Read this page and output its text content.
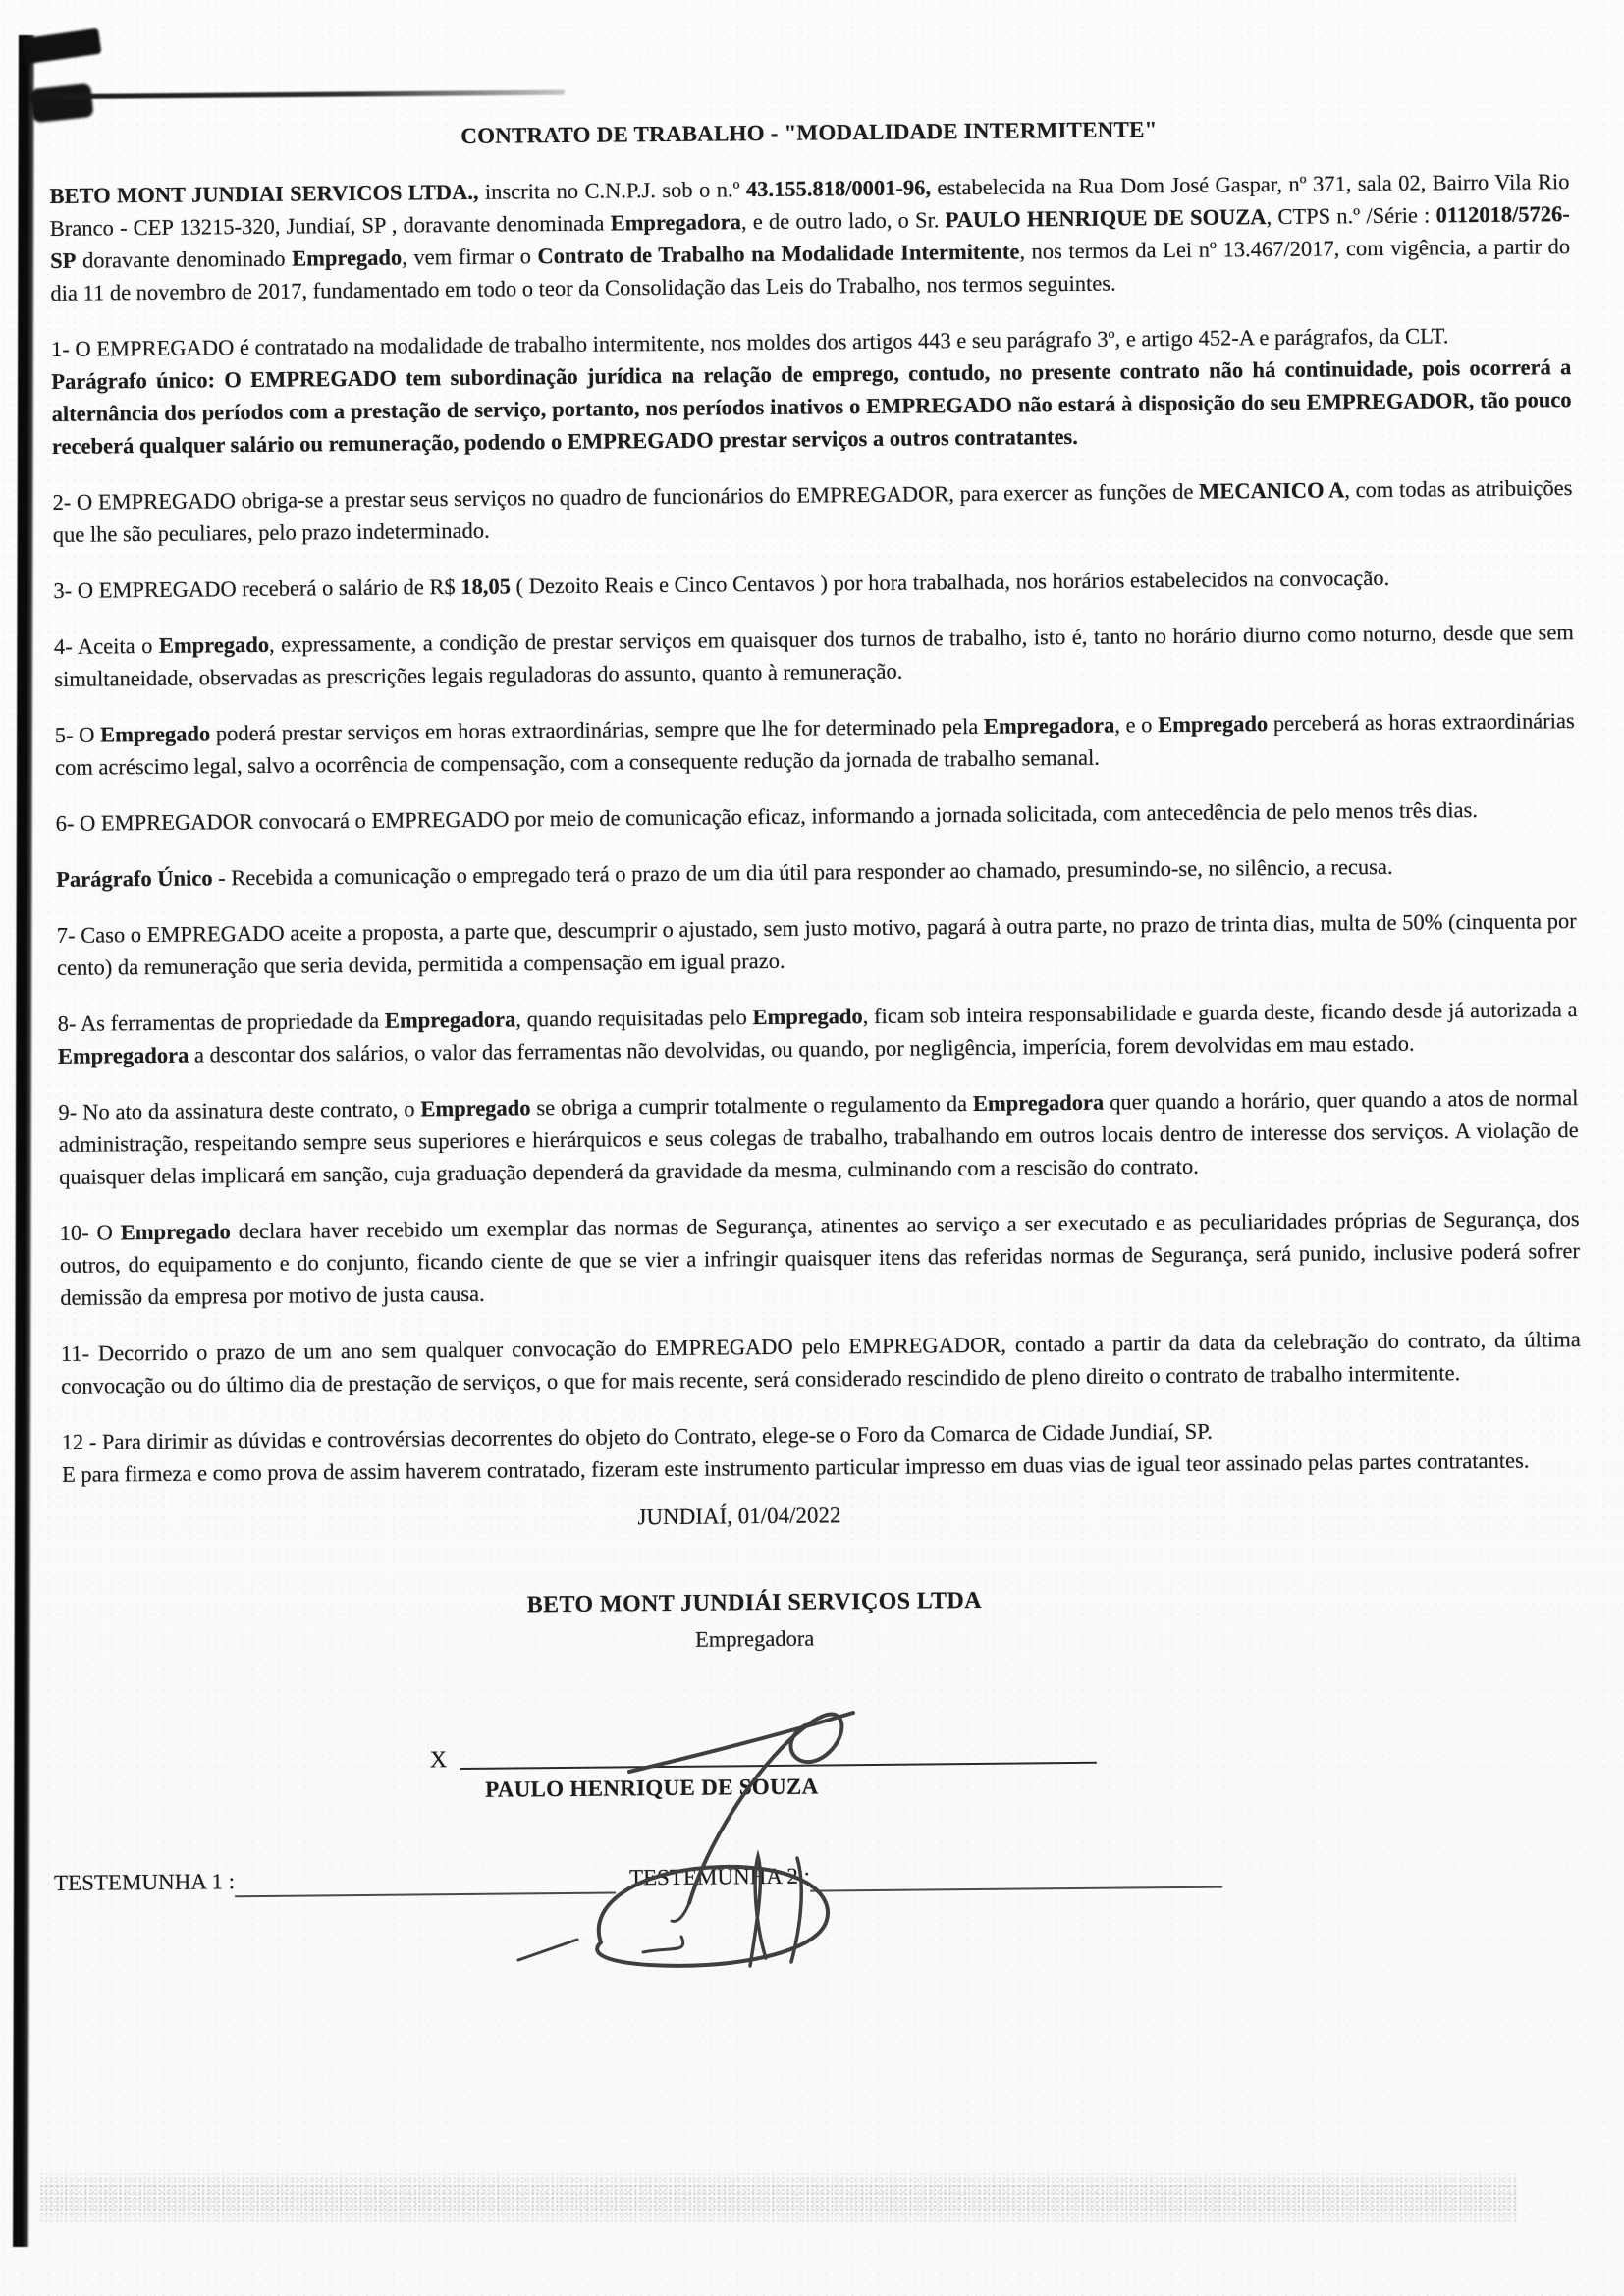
CONTRATO DE TRABALHO - "MODALIDADE INTERMITENTE"

BETO MONT JUNDIAI SERVICOS LTDA., inscrita no C.N.P.J. sob o n.º 43.155.818/0001-96, estabelecida na Rua Dom José Gaspar, nº 371, sala 02, Bairro Vila Rio Branco - CEP 13215-320, Jundiaí, SP , doravante denominada Empregadora, e de outro lado, o Sr. PAULO HENRIQUE DE SOUZA, CTPS n.º /Série : 0112018/5726-SP doravante denominado Empregado, vem firmar o Contrato de Trabalho na Modalidade Intermitente, nos termos da Lei nº 13.467/2017, com vigência, a partir do dia 11 de novembro de 2017, fundamentado em todo o teor da Consolidação das Leis do Trabalho, nos termos seguintes.

1- O EMPREGADO é contratado na modalidade de trabalho intermitente, nos moldes dos artigos 443 e seu parágrafo 3º, e artigo 452-A e parágrafos, da CLT.

Parágrafo único: O EMPREGADO tem subordinação jurídica na relação de emprego, contudo, no presente contrato não há continuidade, pois ocorrerá a alternância dos períodos com a prestação de serviço, portanto, nos períodos inativos o EMPREGADO não estará à disposição do seu EMPREGADOR, tão pouco receberá qualquer salário ou remuneração, podendo o EMPREGADO prestar serviços a outros contratantes.

2- O EMPREGADO obriga-se a prestar seus serviços no quadro de funcionários do EMPREGADOR, para exercer as funções de MECANICO A, com todas as atribuições que lhe são peculiares, pelo prazo indeterminado.

3- O EMPREGADO receberá o salário de R$ 18,05 ( Dezoito Reais e Cinco Centavos ) por hora trabalhada, nos horários estabelecidos na convocação.

4- Aceita o Empregado, expressamente, a condição de prestar serviços em quaisquer dos turnos de trabalho, isto é, tanto no horário diurno como noturno, desde que sem simultaneidade, observadas as prescrições legais reguladoras do assunto, quanto à remuneração.

5- O Empregado poderá prestar serviços em horas extraordinárias, sempre que lhe for determinado pela Empregadora, e o Empregado perceberá as horas extraordinárias com acréscimo legal, salvo a ocorrência de compensação, com a consequente redução da jornada de trabalho semanal.

6- O EMPREGADOR convocará o EMPREGADO por meio de comunicação eficaz, informando a jornada solicitada, com antecedência de pelo menos três dias.

Parágrafo Único - Recebida a comunicação o empregado terá o prazo de um dia útil para responder ao chamado, presumindo-se, no silêncio, a recusa.

7- Caso o EMPREGADO aceite a proposta, a parte que, descumprir o ajustado, sem justo motivo, pagará à outra parte, no prazo de trinta dias, multa de 50% (cinquenta por cento) da remuneração que seria devida, permitida a compensação em igual prazo.

8- As ferramentas de propriedade da Empregadora, quando requisitadas pelo Empregado, ficam sob inteira responsabilidade e guarda deste, ficando desde já autorizada a Empregadora a descontar dos salários, o valor das ferramentas não devolvidas, ou quando, por negligência, imperícia, forem devolvidas em mau estado.

9- No ato da assinatura deste contrato, o Empregado se obriga a cumprir totalmente o regulamento da Empregadora quer quando a horário, quer quando a atos de normal administração, respeitando sempre seus superiores e hierárquicos e seus colegas de trabalho, trabalhando em outros locais dentro de interesse dos serviços. A violação de quaisquer delas implicará em sanção, cuja graduação dependerá da gravidade da mesma, culminando com a rescisão do contrato.

10- O Empregado declara haver recebido um exemplar das normas de Segurança, atinentes ao serviço a ser executado e as peculiaridades próprias de Segurança, dos outros, do equipamento e do conjunto, ficando ciente de que se vier a infringir quaisquer itens das referidas normas de Segurança, será punido, inclusive poderá sofrer demissão da empresa por motivo de justa causa.

11- Decorrido o prazo de um ano sem qualquer convocação do EMPREGADO pelo EMPREGADOR, contado a partir da data da celebração do contrato, da última convocação ou do último dia de prestação de serviços, o que for mais recente, será considerado rescindido de pleno direito o contrato de trabalho intermitente.

12 - Para dirimir as dúvidas e controvérsias decorrentes do objeto do Contrato, elege-se o Foro da Comarca de Cidade Jundiaí, SP.

E para firmeza e como prova de assim haverem contratado, fizeram este instrumento particular impresso em duas vias de igual teor assinado pelas partes contratantes.

JUNDIAÍ, 01/04/2022
BETO MONT JUNDIÁI SERVIÇOS LTDA
Empregadora
X
PAULO HENRIQUE DE SOUZA
TESTEMUNHA 1 :	TESTEMUNHA 2 :
